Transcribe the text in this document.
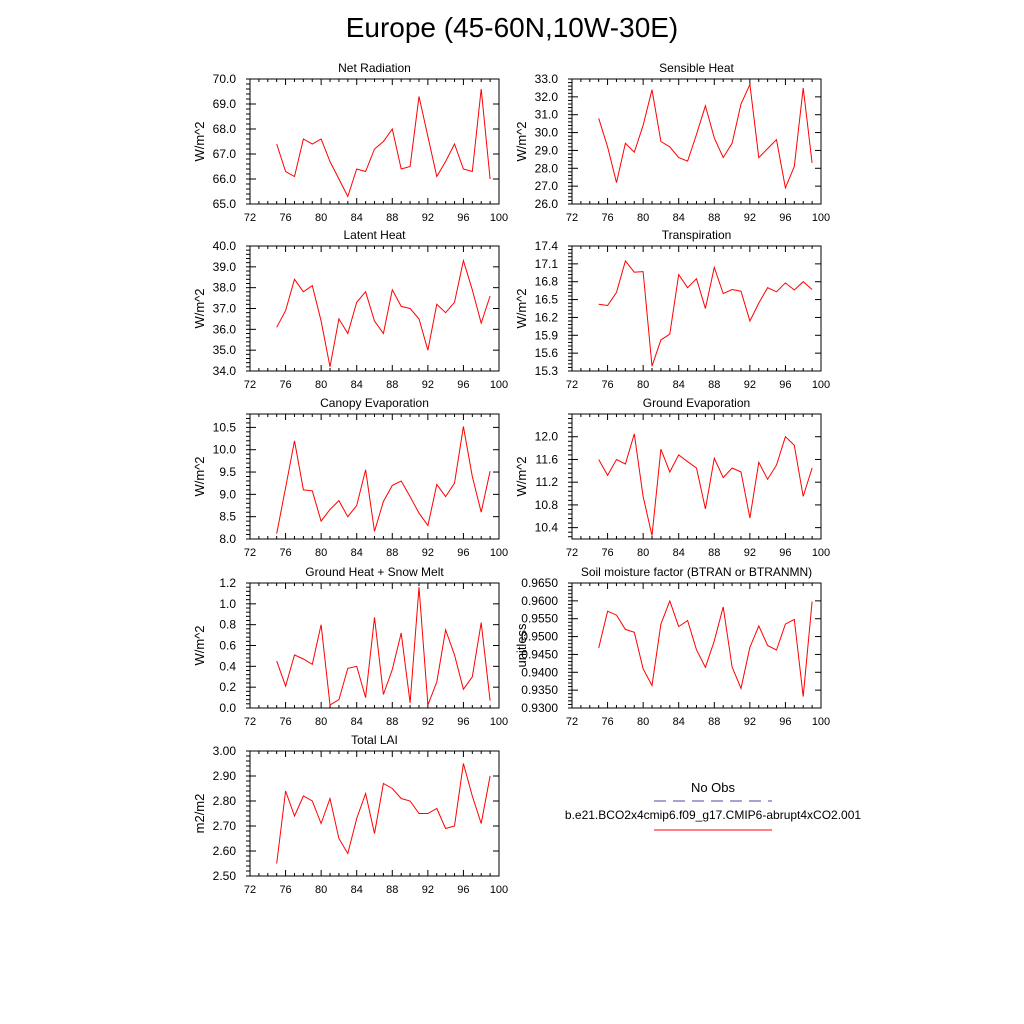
Europe (45-60N,10W-30E)
Net Radiation
W/m^2
72 76 80 84 88 92 96 100
65.0
66.0
67.0
68.0
69.0
70.0
Sensible Heat
W/m^2
72 76 80 84 88 92 96 100
26.0
27.0
28.0
29.0
30.0
31.0
32.0
33.0
Latent Heat
W/m^2
72 76 80 84 88 92 96 100
34.0
35.0
36.0
37.0
38.0
39.0
40.0
Transpiration
W/m^2
72 76 80 84 88 92 96 100
15.3
15.6
15.9
16.2
16.5
16.8
17.1
17.4
Canopy Evaporation
W/m^2
72 76 80 84 88 92 96 100
8.0
8.5
9.0
9.5
10.0
10.5
Ground Evaporation
W/m^2
72 76 80 84 88 92 96 100
10.4
10.8
11.2
11.6
12.0
Ground Heat + Snow Melt
W/m^2
72 76 80 84 88 92 96 100
0.0
0.2
0.4
0.6
0.8
1.0
1.2
Soil moisture factor (BTRAN or BTRANMN)
unitless
72 76 80 84 88 92 96 100
0.9300
0.9350
0.9400
0.9450
0.9500
0.9550
0.9600
0.9650
Total LAI
m2/m2
72 76 80 84 88 92 96 100
2.50
2.60
2.70
2.80
2.90
3.00
No Obs
b.e21.BCO2x4cmip6.f09_g17.CMIP6-abrupt4xCO2.001
